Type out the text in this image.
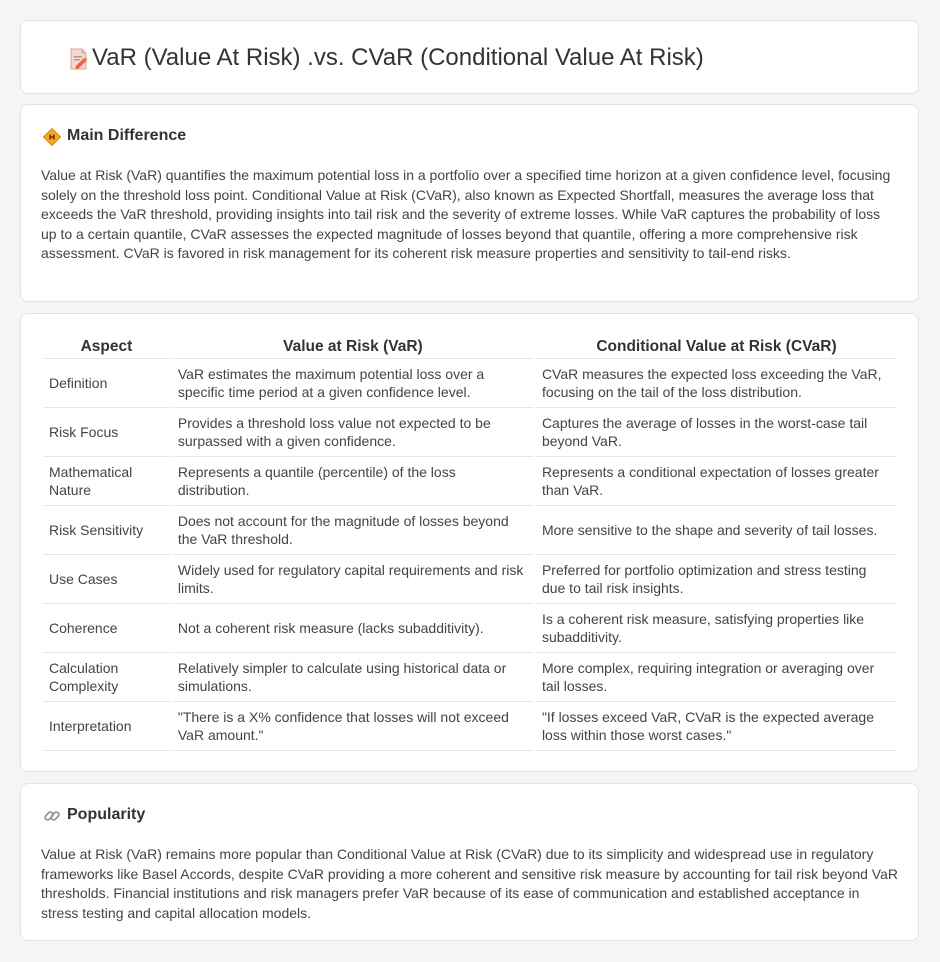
VaR (Value At Risk) .vs. CVaR (Conditional Value At Risk)
Main Difference

Value at Risk (VaR) quantifies the maximum potential loss in a portfolio over a specified time horizon at a given confidence level, focusing solely on the threshold loss point. Conditional Value at Risk (CVaR), also known as Expected Shortfall, measures the average loss that exceeds the VaR threshold, providing insights into tail risk and the severity of extreme losses. While VaR captures the probability of loss up to a certain quantile, CVaR assesses the expected magnitude of losses beyond that quantile, offering a more comprehensive risk assessment. CVaR is favored in risk management for its coherent risk measure properties and sensitivity to tail-end risks.

Aspect	Value at Risk (VaR)	Conditional Value at Risk (CVaR)
Definition	VaR estimates the maximum potential loss over a specific time period at a given confidence level.	CVaR measures the expected loss exceeding the VaR, focusing on the tail of the loss distribution.
Risk Focus	Provides a threshold loss value not expected to be surpassed with a given confidence.	Captures the average of losses in the worst-case tail beyond VaR.
Mathematical Nature	Represents a quantile (percentile) of the loss distribution.	Represents a conditional expectation of losses greater than VaR.
Risk Sensitivity	Does not account for the magnitude of losses beyond the VaR threshold.	More sensitive to the shape and severity of tail losses.
Use Cases	Widely used for regulatory capital requirements and risk limits.	Preferred for portfolio optimization and stress testing due to tail risk insights.
Coherence	Not a coherent risk measure (lacks subadditivity).	Is a coherent risk measure, satisfying properties like subadditivity.
Calculation Complexity	Relatively simpler to calculate using historical data or simulations.	More complex, requiring integration or averaging over tail losses.
Interpretation	"There is a X% confidence that losses will not exceed VaR amount."	"If losses exceed VaR, CVaR is the expected average loss within those worst cases."
Popularity

Value at Risk (VaR) remains more popular than Conditional Value at Risk (CVaR) due to its simplicity and widespread use in regulatory frameworks like Basel Accords, despite CVaR providing a more coherent and sensitive risk measure by accounting for tail risk beyond VaR thresholds. Financial institutions and risk managers prefer VaR because of its ease of communication and established acceptance in stress testing and capital allocation models.
